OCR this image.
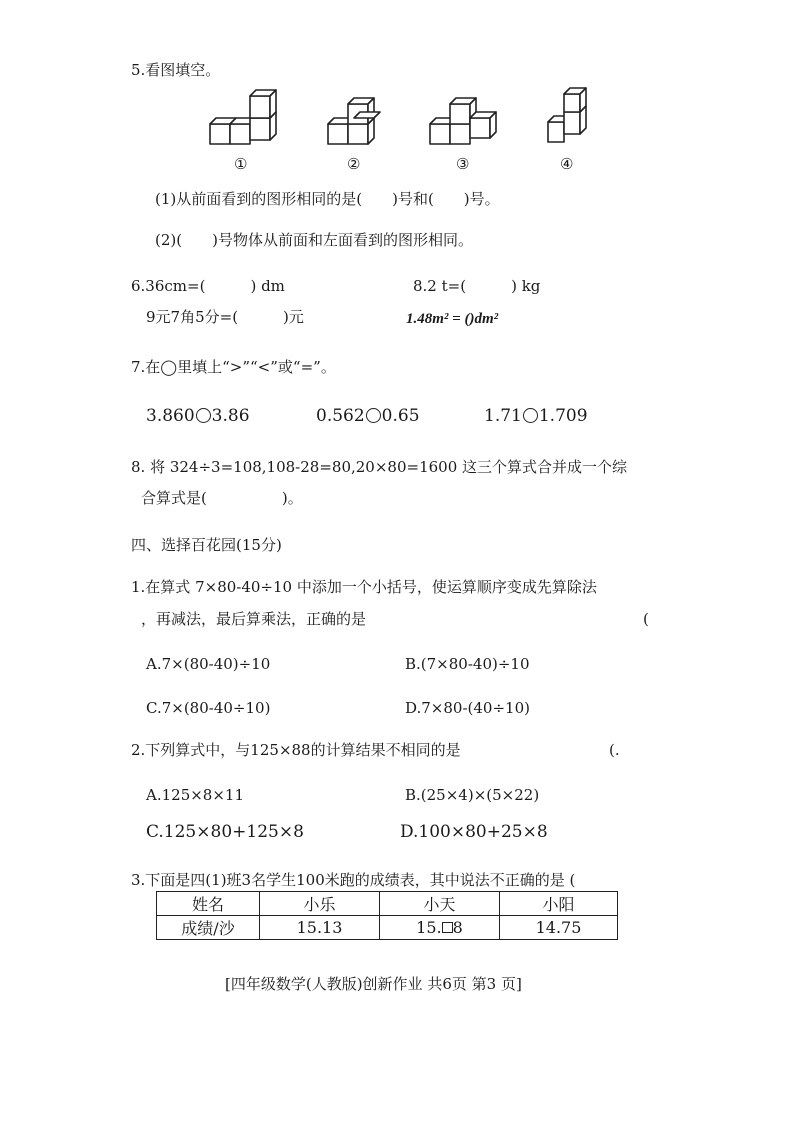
5.看图填空。
①	②	③	④
(1)从前面看到的图形相同的是(　　)号和(　　)号。
(2)(　　)号物体从前面和左面看到的图形相同。
6.36cm=(　　　) dm	8.2 t=(　　　) kg
9元7角5分=(　　　)元	1.48m² = ()dm²
7.在◯里填上“>”“<”或“=”。
3.860 3.86	0.562 0.65	1.71 1.709
8. 将 324÷3=108,108-28=80,20×80=1600 这三个算式合并成一个综
合算式是(　　　　　)。
四、选择百花园(15分)
1.在算式 7×80-40÷10 中添加一个小括号，使运算顺序变成先算除法
，再减法，最后算乘法，正确的是	(
A.7×(80-40)÷10	B.(7×80-40)÷10
C.7×(80-40÷10)	D.7×80-(40÷10)
2.下列算式中，与125×88的计算结果不相同的是	(.
A.125×8×11	B.(25×4)×(5×22)
C.125×80+125×8	D.100×80+25×8
3.下面是四(1)班3名学生100米跑的成绩表，其中说法不正确的是 (
姓名	小乐	小天	小阳
成绩/沙	15.13	15. 8	14.75
[四年级数学(人教版)创新作业 共6页 第3 页]
